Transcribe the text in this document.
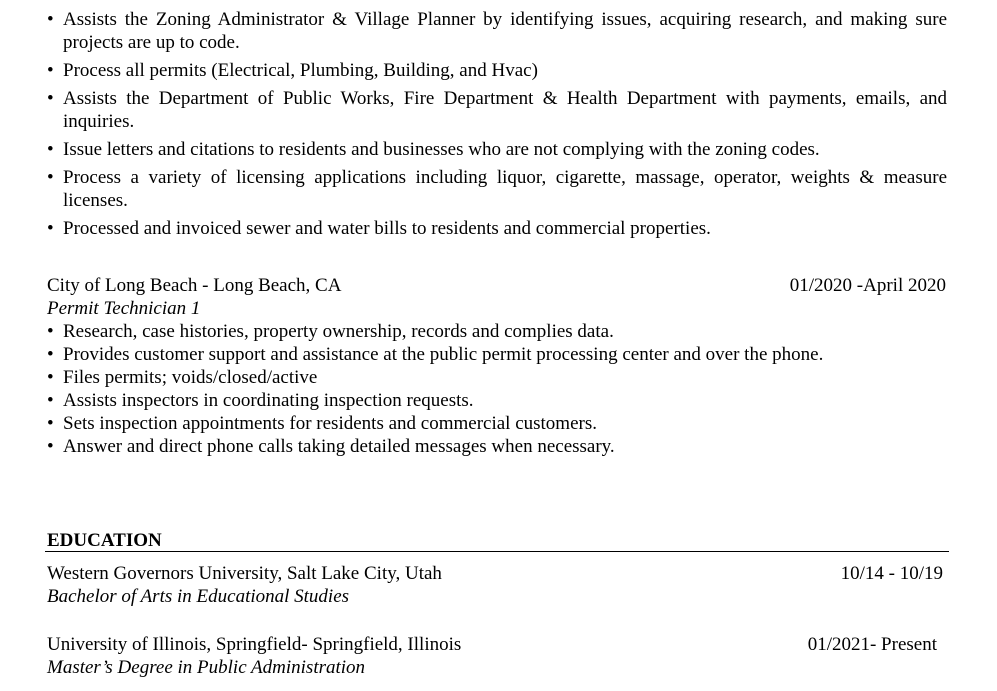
• Assists the Zoning Administrator & Village Planner by identifying issues, acquiring research, and making sure projects are up to code.
• Process all permits (Electrical, Plumbing, Building, and Hvac)
• Assists the Department of Public Works, Fire Department & Health Department with payments, emails, and inquiries.
• Issue letters and citations to residents and businesses who are not complying with the zoning codes.
• Process a variety of licensing applications including liquor, cigarette, massage, operator, weights & measure licenses.
• Processed and invoiced sewer and water bills to residents and commercial properties.
City of Long Beach - Long Beach, CA	01/2020 -April 2020
Permit Technician 1
• Research, case histories, property ownership, records and complies data.
• Provides customer support and assistance at the public permit processing center and over the phone.
• Files permits; voids/closed/active
• Assists inspectors in coordinating inspection requests.
• Sets inspection appointments for residents and commercial customers.
• Answer and direct phone calls taking detailed messages when necessary.
EDUCATION
Western Governors University, Salt Lake City, Utah	10/14 - 10/19
Bachelor of Arts in Educational Studies
University of Illinois, Springfield- Springfield, Illinois	01/2021- Present
Master’s Degree in Public Administration
